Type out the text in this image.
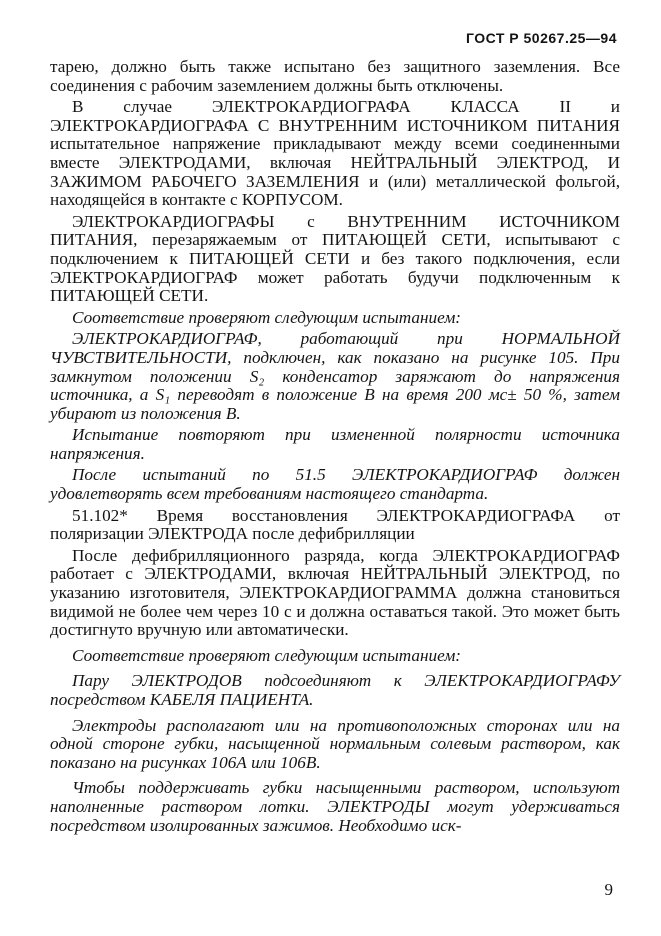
ГОСТ Р 50267.25—94

тарею, должно быть также испытано без защитного заземления. Все соединения с рабочим заземлением должны быть отключены.

В случае ЭЛЕКТРОКАРДИОГРАФА КЛАССА II и ЭЛЕКТРОКАРДИОГРАФА С ВНУТРЕННИМ ИСТОЧНИКОМ ПИТАНИЯ испытательное напряжение прикладывают между всеми соединенными вместе ЭЛЕКТРОДАМИ, включая НЕЙТРАЛЬНЫЙ ЭЛЕКТРОД, И ЗАЖИМОМ РАБОЧЕГО ЗАЗЕМЛЕНИЯ и (или) металлической фольгой, находящейся в контакте с КОРПУСОМ.

ЭЛЕКТРОКАРДИОГРАФЫ с ВНУТРЕННИМ ИСТОЧНИКОМ ПИТАНИЯ, перезаряжаемым от ПИТАЮЩЕЙ СЕТИ, испытывают с подключением к ПИТАЮЩЕЙ СЕТИ и без такого подключения, если ЭЛЕКТРОКАРДИОГРАФ может работать будучи подключенным к ПИТАЮЩЕЙ СЕТИ.

Соответствие проверяют следующим испытанием:

ЭЛЕКТРОКАРДИОГРАФ, работающий при НОРМАЛЬНОЙ ЧУВСТВИТЕЛЬНОСТИ, подключен, как показано на рисунке 105. При замкнутом положении S₂ конденсатор заряжают до напряжения источника, а S₁ переводят в положение В на время 200 мс± 50 %, затем убирают из положения В.

Испытание повторяют при измененной полярности источника напряжения.

После испытаний по 51.5 ЭЛЕКТРОКАРДИОГРАФ должен удовлетворять всем требованиям настоящего стандарта.

51.102* Время восстановления ЭЛЕКТРОКАРДИОГРАФА от поляризации ЭЛЕКТРОДА после дефибрилляции

После дефибрилляционного разряда, когда ЭЛЕКТРОКАРДИОГРАФ работает с ЭЛЕКТРОДАМИ, включая НЕЙТРАЛЬНЫЙ ЭЛЕКТРОД, по указанию изготовителя, ЭЛЕКТРОКАРДИОГРАММА должна становиться видимой не более чем через 10 с и должна оставаться такой. Это может быть достигнуто вручную или автоматически.

Соответствие проверяют следующим испытанием:

Пару ЭЛЕКТРОДОВ подсоединяют к ЭЛЕКТРОКАРДИОГРАФУ посредством КАБЕЛЯ ПАЦИЕНТА.

Электроды располагают или на противоположных сторонах или на одной стороне губки, насыщенной нормальным солевым раствором, как показано на рисунках 106А или 106В.

Чтобы поддерживать губки насыщенными раствором, используют наполненные раствором лотки. ЭЛЕКТРОДЫ могут удерживаться посредством изолированных зажимов. Необходимо иск-

9
